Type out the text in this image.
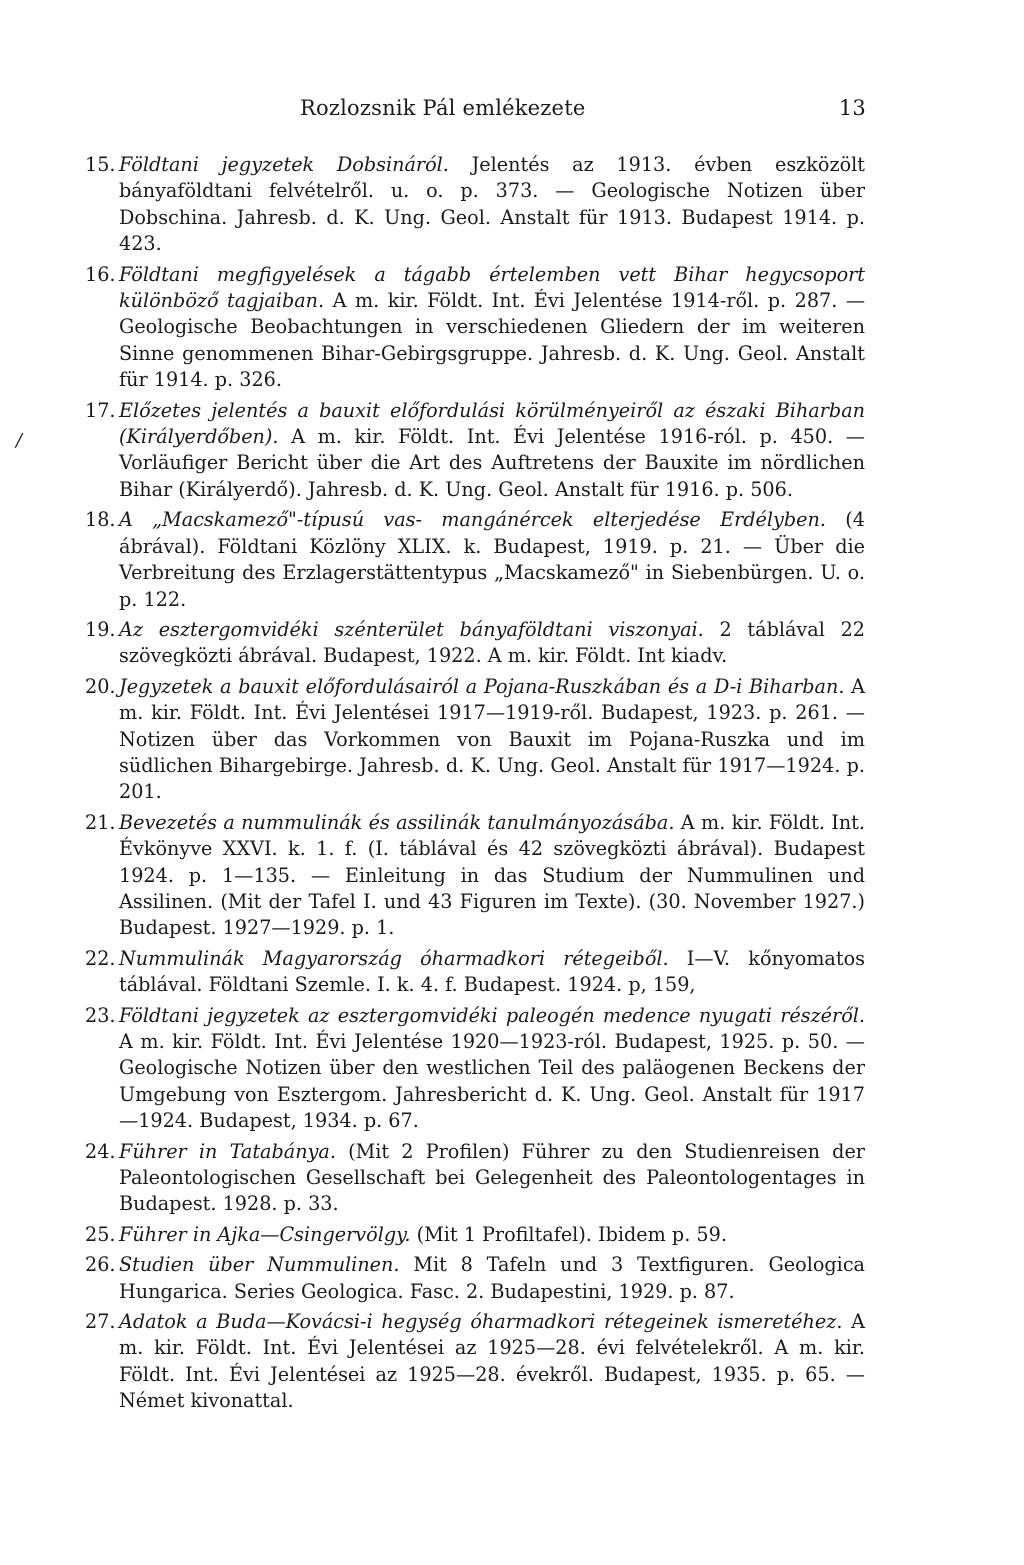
Rozlozsnik Pál emlékezete	13
/

15. Földtani jegyzetek Dobsináról. Jelentés az 1913. évben eszközölt bányaföldtani felvételről. u. o. p. 373. — Geologische Notizen über Dobschina. Jahresb. d. K. Ung. Geol. Anstalt für 1913. Budapest 1914. p. 423.

16. Földtani megfigyelések a tágabb értelemben vett Bihar hegycsoport különböző tagjaiban. A m. kir. Földt. Int. Évi Jelentése 1914-ről. p. 287. — Geologische Beobachtungen in verschiedenen Gliedern der im weiteren Sinne genommenen Bihar-Gebirgsgruppe. Jahresb. d. K. Ung. Geol. Anstalt für 1914. p. 326.

17. Előzetes jelentés a bauxit előfordulási körülményeiről az északi Biharban (Királyerdőben). A m. kir. Földt. Int. Évi Jelentése 1916-ról. p. 450. — Vorläufiger Bericht über die Art des Auftretens der Bauxite im nördlichen Bihar (Királyerdő). Jahresb. d. K. Ung. Geol. Anstalt für 1916. p. 506.

18. A „Macskamező"-típusú vas- mangánércek elterjedése Erdélyben. (4 ábrával). Földtani Közlöny XLIX. k. Budapest, 1919. p. 21. — Über die Verbreitung des Erzlagerstättentypus „Macskamező" in Siebenbürgen. U. o. p. 122.

19. Az esztergomvidéki szénterület bányaföldtani viszonyai. 2 táblával 22 szövegközti ábrával. Budapest, 1922. A m. kir. Földt. Int kiadv.

20. Jegyzetek a bauxit előfordulásairól a Pojana-Ruszkában és a D-i Biharban. A m. kir. Földt. Int. Évi Jelentései 1917—1919-ről. Budapest, 1923. p. 261. — Notizen über das Vorkommen von Bauxit im Pojana-Ruszka und im südlichen Bihargebirge. Jahresb. d. K. Ung. Geol. Anstalt für 1917—1924. p. 201.

21. Bevezetés a nummulinák és assilinák tanulmányozásába. A m. kir. Földt. Int. Évkönyve XXVI. k. 1. f. (I. táblával és 42 szövegközti ábrával). Budapest 1924. p. 1—135. — Einleitung in das Studium der Nummulinen und Assilinen. (Mit der Tafel I. und 43 Figuren im Texte). (30. November 1927.) Budapest. 1927—1929. p. 1.

22. Nummulinák Magyarország óharmadkori rétegeiből. I—V. kőnyomatos táblával. Földtani Szemle. I. k. 4. f. Budapest. 1924. p, 159,

23. Földtani jegyzetek az esztergomvidéki paleogén medence nyugati részéről. A m. kir. Földt. Int. Évi Jelentése 1920—1923-ról. Budapest, 1925. p. 50. — Geologische Notizen über den westlichen Teil des paläogenen Beckens der Umgebung von Esztergom. Jahresbericht d. K. Ung. Geol. Anstalt für 1917—1924. Budapest, 1934. p. 67.

24. Führer in Tatabánya. (Mit 2 Profilen) Führer zu den Studienreisen der Paleontologischen Gesellschaft bei Gelegenheit des Paleontologentages in Budapest. 1928. p. 33.

25. Führer in Ajka—Csingervölgy. (Mit 1 Profiltafel). Ibidem p. 59.

26. Studien über Nummulinen. Mit 8 Tafeln und 3 Textfiguren. Geologica Hungarica. Series Geologica. Fasc. 2. Budapestini, 1929. p. 87.

27. Adatok a Buda—Kovácsi-i hegység óharmadkori rétegeinek ismeretéhez. A m. kir. Földt. Int. Évi Jelentései az 1925—28. évi felvételekről. A m. kir. Földt. Int. Évi Jelentései az 1925—28. évekről. Budapest, 1935. p. 65. — Német kivonattal.
